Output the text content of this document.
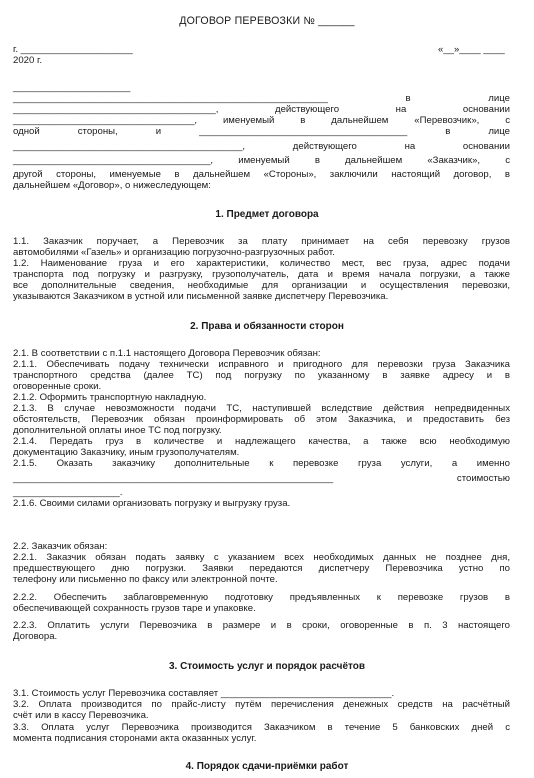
ДОГОВОР ПЕРЕВОЗКИ № ______
г. _____________________	«__»____ ____
2020 г.
______________________
___________________________________________________________ в лице
______________________________________, действующего на основании
__________________________________, именуемый в дальнейшем «Перевозчик», с
одной стороны, и _______________________________________ в лице
___________________________________________, действующего на основании
_____________________________________, именуемый в дальнейшем «Заказчик», с
другой стороны, именуемые в дальнейшем «Стороны», заключили настоящий договор, в
дальнейшем «Договор», о нижеследующем:
1. Предмет договора
1.1. Заказчик поручает, а Перевозчик за плату принимает на себя перевозку грузов
автомобилями «Газель» и организацию погрузочно-разгрузочных работ.
1.2. Наименование груза и его характеристики, количество мест, вес груза, адрес подачи
транспорта под погрузку и разгрузку, грузополучатель, дата и время начала погрузки, а также
все дополнительные сведения, необходимые для организации и осуществления перевозки,
указываются Заказчиком в устной или письменной заявке диспетчеру Перевозчика.
2. Права и обязанности сторон
2.1. В соответствии с п.1.1 настоящего Договора Перевозчик обязан:
2.1.1. Обеспечивать подачу технически исправного и пригодного для перевозки груза Заказчика
транспортного средства (далее ТС) под погрузку по указанному в заявке адресу и в
оговоренные сроки.
2.1.2. Оформить транспортную накладную.
2.1.3. В случае невозможности подачи ТС, наступившей вследствие действия непредвиденных
обстоятельств, Перевозчик обязан проинформировать об этом Заказчика, и предоставить без
дополнительной оплаты иное ТС под погрузку.
2.1.4. Передать груз в количестве и надлежащего качества, а также всю необходимую
документацию Заказчику, иным грузополучателям.
2.1.5. Оказать заказчику дополнительные к перевозке груза услуги, а именно
____________________________________________________________ стоимостью
____________________.
2.1.6. Своими силами организовать погрузку и выгрузку груза.
2.2. Заказчик обязан:
2.2.1. Заказчик обязан подать заявку с указанием всех необходимых данных не позднее дня,
предшествующего дню погрузки. Заявки передаются диспетчеру Перевозчика устно по
телефону или письменно по факсу или электронной почте.
2.2.2. Обеспечить заблаговременную подготовку предъявленных к перевозке грузов в
обеспечивающей сохранность грузов таре и упаковке.
2.2.3. Оплатить услуги Перевозчика в размере и в сроки, оговоренные в п. 3 настоящего
Договора.
3. Стоимость услуг и порядок расчётов
3.1. Стоимость услуг Перевозчика составляет ________________________________.
3.2. Оплата производится по прайс-листу путём перечисления денежных средств на расчётный
счёт или в кассу Перевозчика.
3.3. Оплата услуг Перевозчика производится Заказчиком в течение 5 банковских дней с
момента подписания сторонами акта оказанных услуг.
4. Порядок сдачи-приёмки работ
